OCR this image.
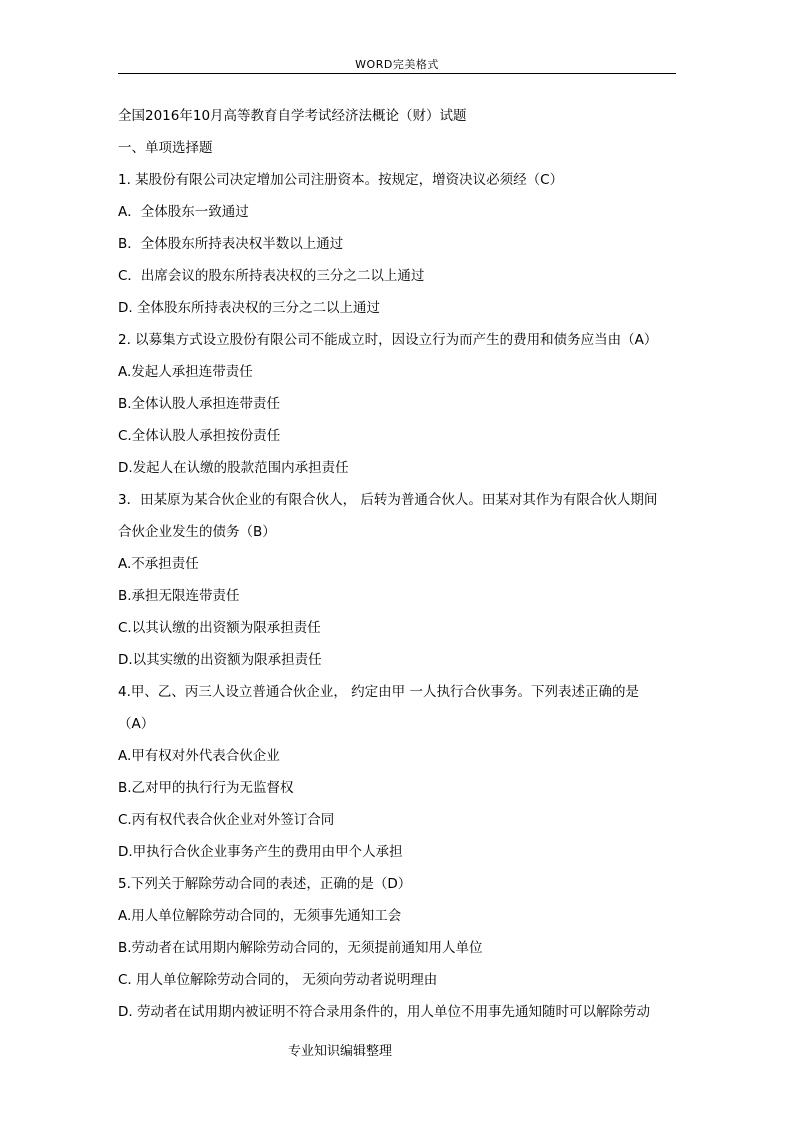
WORD完美格式
全国2016年10月高等教育自学考试经济法概论（财）试题
一、单项选择题
1. 某股份有限公司决定增加公司注册资本。按规定，增资决议必须经（C）
A．全体股东一致通过
B．全体股东所持表决权半数以上通过
C．出席会议的股东所持表决权的三分之二以上通过
D. 全体股东所持表决权的三分之二以上通过
2. 以募集方式设立股份有限公司不能成立时，因设立行为而产生的费用和债务应当由（A）
A.发起人承担连带责任
B.全体认股人承担连带责任
C.全体认股人承担按份责任
D.发起人在认缴的股款范围内承担责任
3．田某原为某合伙企业的有限合伙人， 后转为普通合伙人。田某对其作为有限合伙人期间
合伙企业发生的债务（B）
A.不承担责任
B.承担无限连带责任
C.以其认缴的出资额为限承担责任
D.以其实缴的出资额为限承担责任
4.甲、乙、丙三人设立普通合伙企业， 约定由甲 一人执行合伙事务。下列表述正确的是
（A）
A.甲有权对外代表合伙企业
B.乙对甲的执行行为无监督权
C.丙有权代表合伙企业对外签订合同
D.甲执行合伙企业事务产生的费用由甲个人承担
5.下列关于解除劳动合同的表述，正确的是（D）
A.用人单位解除劳动合同的，无须事先通知工会
B.劳动者在试用期内解除劳动合同的，无须提前通知用人单位
C. 用人单位解除劳动合同的， 无须向劳动者说明理由
D. 劳动者在试用期内被证明不符合录用条件的，用人单位不用事先通知随时可以解除劳动
专业知识编辑整理
